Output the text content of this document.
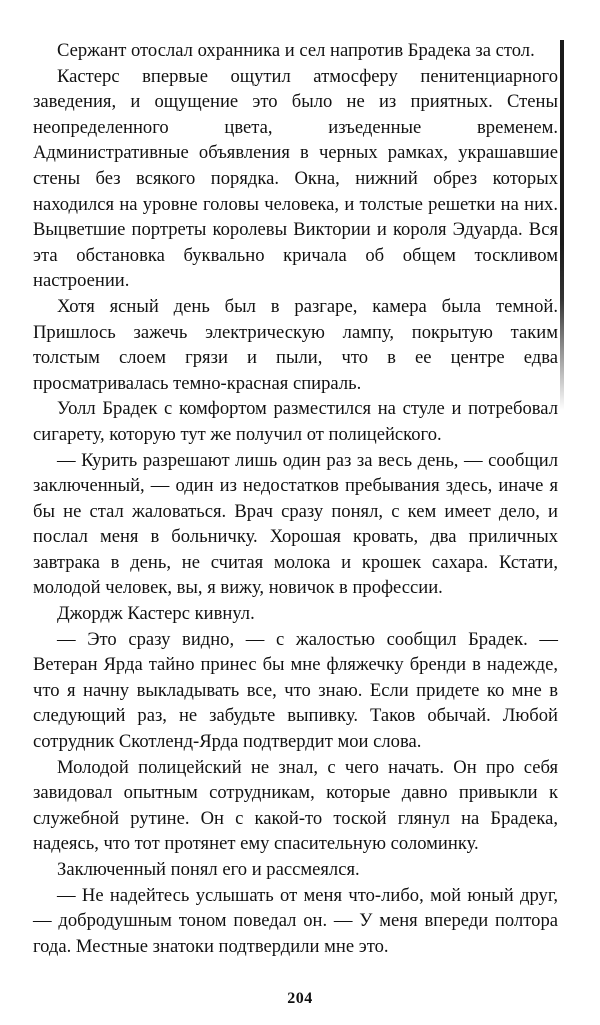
Сержант отослал охранника и сел напротив Брадека за стол.

Кастерс впервые ощутил атмосферу пенитенциарного заведения, и ощущение это было не из приятных. Стены неопределенного цвета, изъеденные временем. Административные объявления в черных рамках, украшавшие стены без всякого порядка. Окна, нижний обрез которых находился на уровне головы человека, и толстые решетки на них. Выцветшие портреты королевы Виктории и короля Эдуарда. Вся эта обстановка буквально кричала об общем тоскливом настроении.

Хотя ясный день был в разгаре, камера была темной. Пришлось зажечь электрическую лампу, покрытую таким толстым слоем грязи и пыли, что в ее центре едва просматривалась темно-красная спираль.

Уолл Брадек с комфортом разместился на стуле и потребовал сигарету, которую тут же получил от полицейского.

— Курить разрешают лишь один раз за весь день, — сообщил заключенный, — один из недостатков пребывания здесь, иначе я бы не стал жаловаться. Врач сразу понял, с кем имеет дело, и послал меня в больничку. Хорошая кровать, два приличных завтрака в день, не считая молока и крошек сахара. Кстати, молодой человек, вы, я вижу, новичок в профессии.

Джордж Кастерс кивнул.

— Это сразу видно, — с жалостью сообщил Брадек. — Ветеран Ярда тайно принес бы мне фляжечку бренди в надежде, что я начну выкладывать все, что знаю. Если придете ко мне в следующий раз, не забудьте выпивку. Таков обычай. Любой сотрудник Скотленд-Ярда подтвердит мои слова.

Молодой полицейский не знал, с чего начать. Он про себя завидовал опытным сотрудникам, которые давно привыкли к служебной рутине. Он с какой-то тоской глянул на Брадека, надеясь, что тот протянет ему спасительную соломинку.

Заключенный понял его и рассмеялся.

— Не надейтесь услышать от меня что-либо, мой юный друг, — добродушным тоном поведал он. — У меня впереди полтора года. Местные знатоки подтвердили мне это.

204
